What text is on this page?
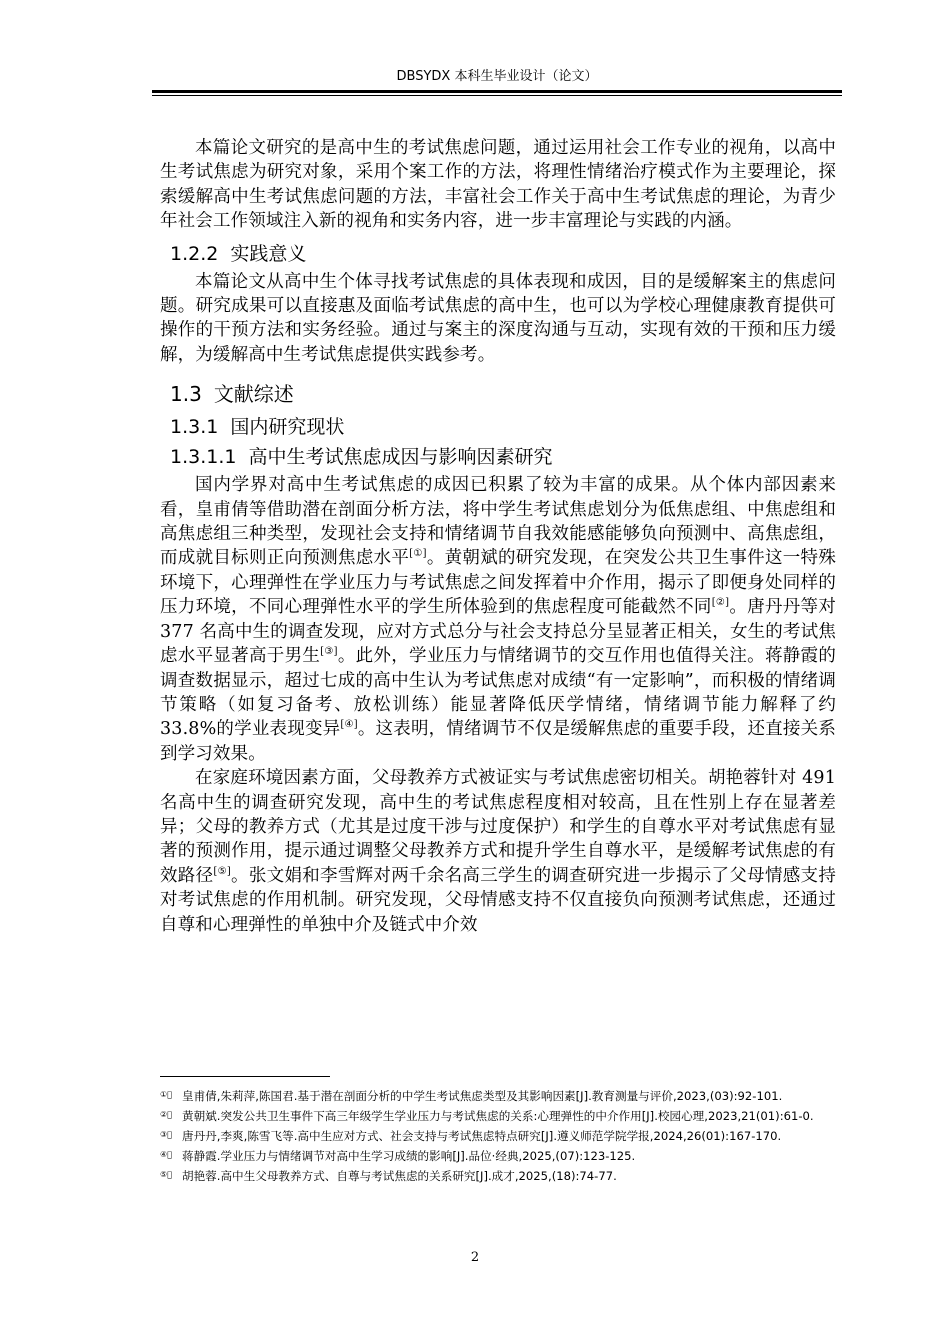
DBSYDX 本科生毕业设计（论文）

本篇论文研究的是高中生的考试焦虑问题，通过运用社会工作专业的视角，以高中生考试焦虑为研究对象，采用个案工作的方法，将理性情绪治疗模式作为主要理论，探索缓解高中生考试焦虑问题的方法，丰富社会工作关于高中生考试焦虑的理论，为青少年社会工作领域注入新的视角和实务内容，进一步丰富理论与实践的内涵。

1.2.2 实践意义

本篇论文从高中生个体寻找考试焦虑的具体表现和成因，目的是缓解案主的焦虑问题。研究成果可以直接惠及面临考试焦虑的高中生，也可以为学校心理健康教育提供可操作的干预方法和实务经验。通过与案主的深度沟通与互动，实现有效的干预和压力缓解，为缓解高中生考试焦虑提供实践参考。

1.3 文献综述
1.3.1 国内研究现状
1.3.1.1 高中生考试焦虑成因与影响因素研究

国内学界对高中生考试焦虑的成因已积累了较为丰富的成果。从个体内部因素来看，皇甫倩等借助潜在剖面分析方法，将中学生考试焦虑划分为低焦虑组、中焦虑组和高焦虑组三种类型，发现社会支持和情绪调节自我效能感能够负向预测中、高焦虑组，而成就目标则正向预测焦虑水平[①]。黄朝斌的研究发现，在突发公共卫生事件这一特殊环境下，心理弹性在学业压力与考试焦虑之间发挥着中介作用，揭示了即便身处同样的压力环境，不同心理弹性水平的学生所体验到的焦虑程度可能截然不同[②]。唐丹丹等对 377 名高中生的调查发现，应对方式总分与社会支持总分呈显著正相关，女生的考试焦虑水平显著高于男生[③]。此外，学业压力与情绪调节的交互作用也值得关注。蒋静霞的调查数据显示，超过七成的高中生认为考试焦虑对成绩“有一定影响”，而积极的情绪调节策略（如复习备考、放松训练）能显著降低厌学情绪，情绪调节能力解释了约 33.8%的学业表现变异[④]。这表明，情绪调节不仅是缓解焦虑的重要手段，还直接关系到学习效果。

在家庭环境因素方面，父母教养方式被证实与考试焦虑密切相关。胡艳蓉针对 491 名高中生的调查研究发现，高中生的考试焦虑程度相对较高，且在性别上存在显著差异；父母的教养方式（尤其是过度干涉与过度保护）和学生的自尊水平对考试焦虑有显著的预测作用，提示通过调整父母教养方式和提升学生自尊水平，是缓解考试焦虑的有效路径[⑤]。张文娟和李雪辉对两千余名高三学生的调查研究进一步揭示了父母情感支持对考试焦虑的作用机制。研究发现，父母情感支持不仅直接负向预测考试焦虑，还通过自尊和心理弹性的单独中介及链式中介效

①⃞ 皇甫倩,朱莉萍,陈国君.基于潜在剖面分析的中学生考试焦虑类型及其影响因素[J].教育测量与评价,2023,(03):92-101.

②⃞ 黄朝斌.突发公共卫生事件下高三年级学生学业压力与考试焦虑的关系:心理弹性的中介作用[J].校园心理,2023,21(01):61-0.

③⃞ 唐丹丹,李爽,陈雪飞等.高中生应对方式、社会支持与考试焦虑特点研究[J].遵义师范学院学报,2024,26(01):167-170.

④⃞ 蒋静霞.学业压力与情绪调节对高中生学习成绩的影响[J].品位·经典,2025,(07):123-125.

⑤⃞ 胡艳蓉.高中生父母教养方式、自尊与考试焦虑的关系研究[J].成才,2025,(18):74-77.

2
